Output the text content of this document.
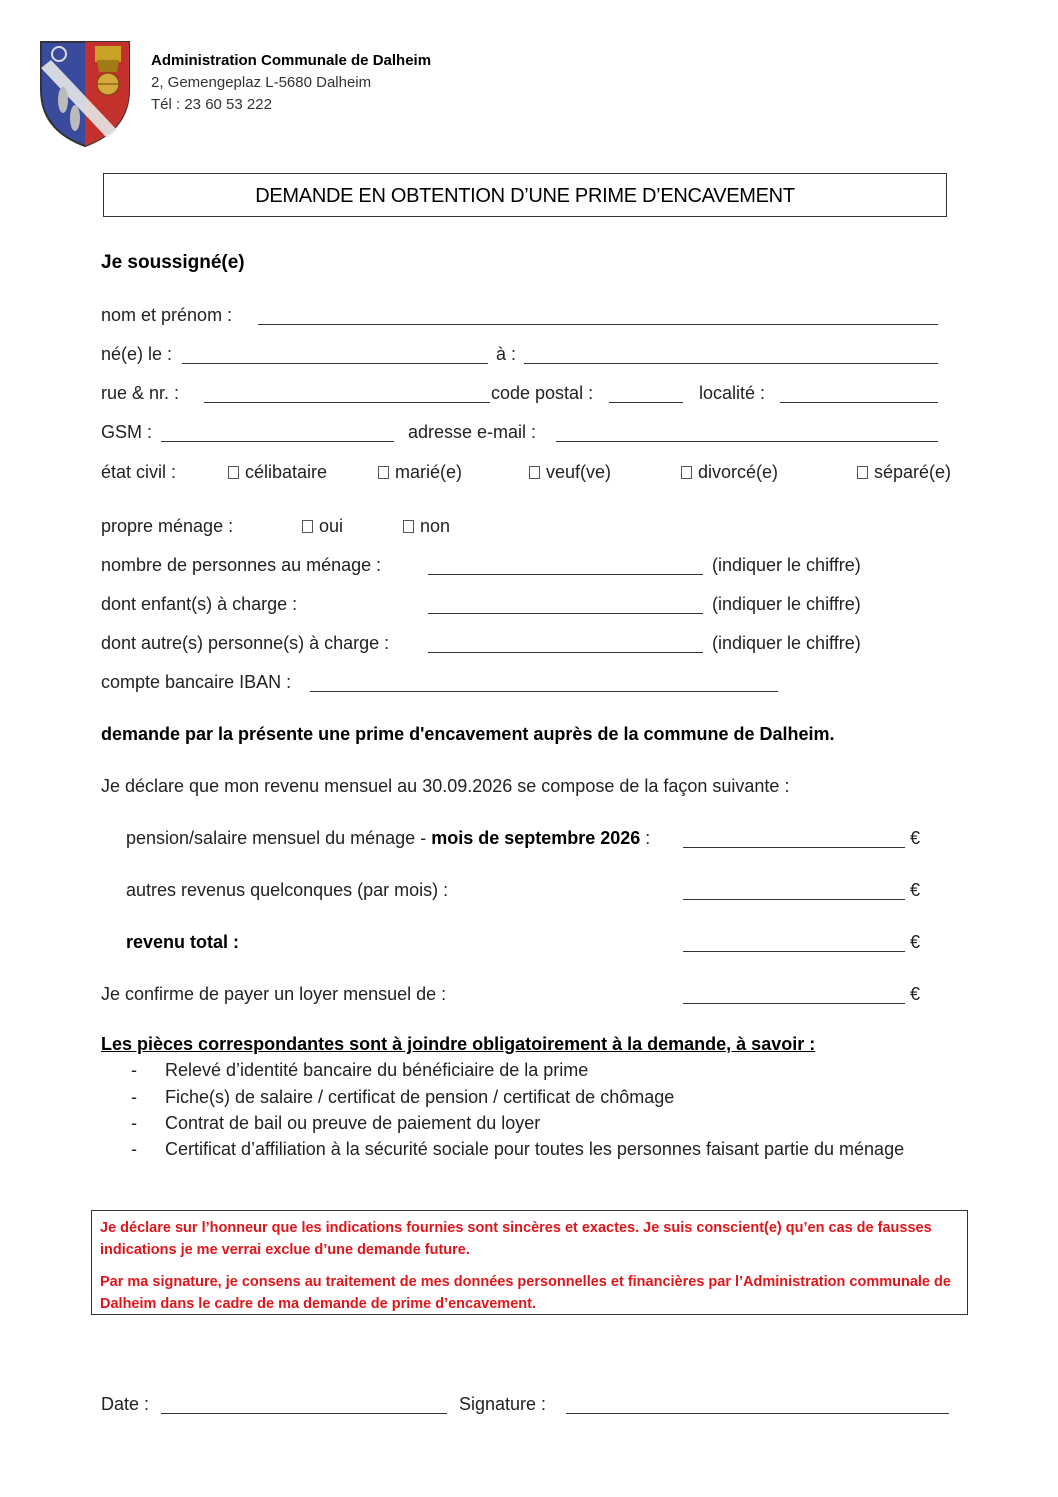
Administration Communale de Dalheim
2, Gemengeplaz L-5680 Dalheim
Tél : 23 60 53 222
DEMANDE EN OBTENTION D’UNE PRIME D’ENCAVEMENT
Je soussigné(e)
nom et prénom :
né(e) le :	à :
rue & nr. :	code postal :	localité :
GSM :	adresse e-mail :
état civil :	célibataire	marié(e)	veuf(ve)	divorcé(e)	séparé(e)
propre ménage :	oui	non
nombre de personnes au ménage :	(indiquer le chiffre)
dont enfant(s) à charge :	(indiquer le chiffre)
dont autre(s) personne(s) à charge :	(indiquer le chiffre)
compte bancaire IBAN :
demande par la présente une prime d'encavement auprès de la commune de Dalheim.
Je déclare que mon revenu mensuel au 30.09.2026 se compose de la façon suivante :
pension/salaire mensuel du ménage - mois de septembre 2026 :	€
autres revenus quelconques (par mois) :	€
revenu total :	€
Je confirme de payer un loyer mensuel de :	€
Les pièces correspondantes sont à joindre obligatoirement à la demande, à savoir :
- Relevé d’identité bancaire du bénéficiaire de la prime
- Fiche(s) de salaire / certificat de pension / certificat de chômage
- Contrat de bail ou preuve de paiement du loyer
- Certificat d’affiliation à la sécurité sociale pour toutes les personnes faisant partie du ménage
Je déclare sur l’honneur que les indications fournies sont sincères et exactes. Je suis conscient(e) qu’en cas de fausses indications je me verrai exclue d’une demande future.
Par ma signature, je consens au traitement de mes données personnelles et financières par l’Administration communale de Dalheim dans le cadre de ma demande de prime d’encavement.
Date :	Signature :
